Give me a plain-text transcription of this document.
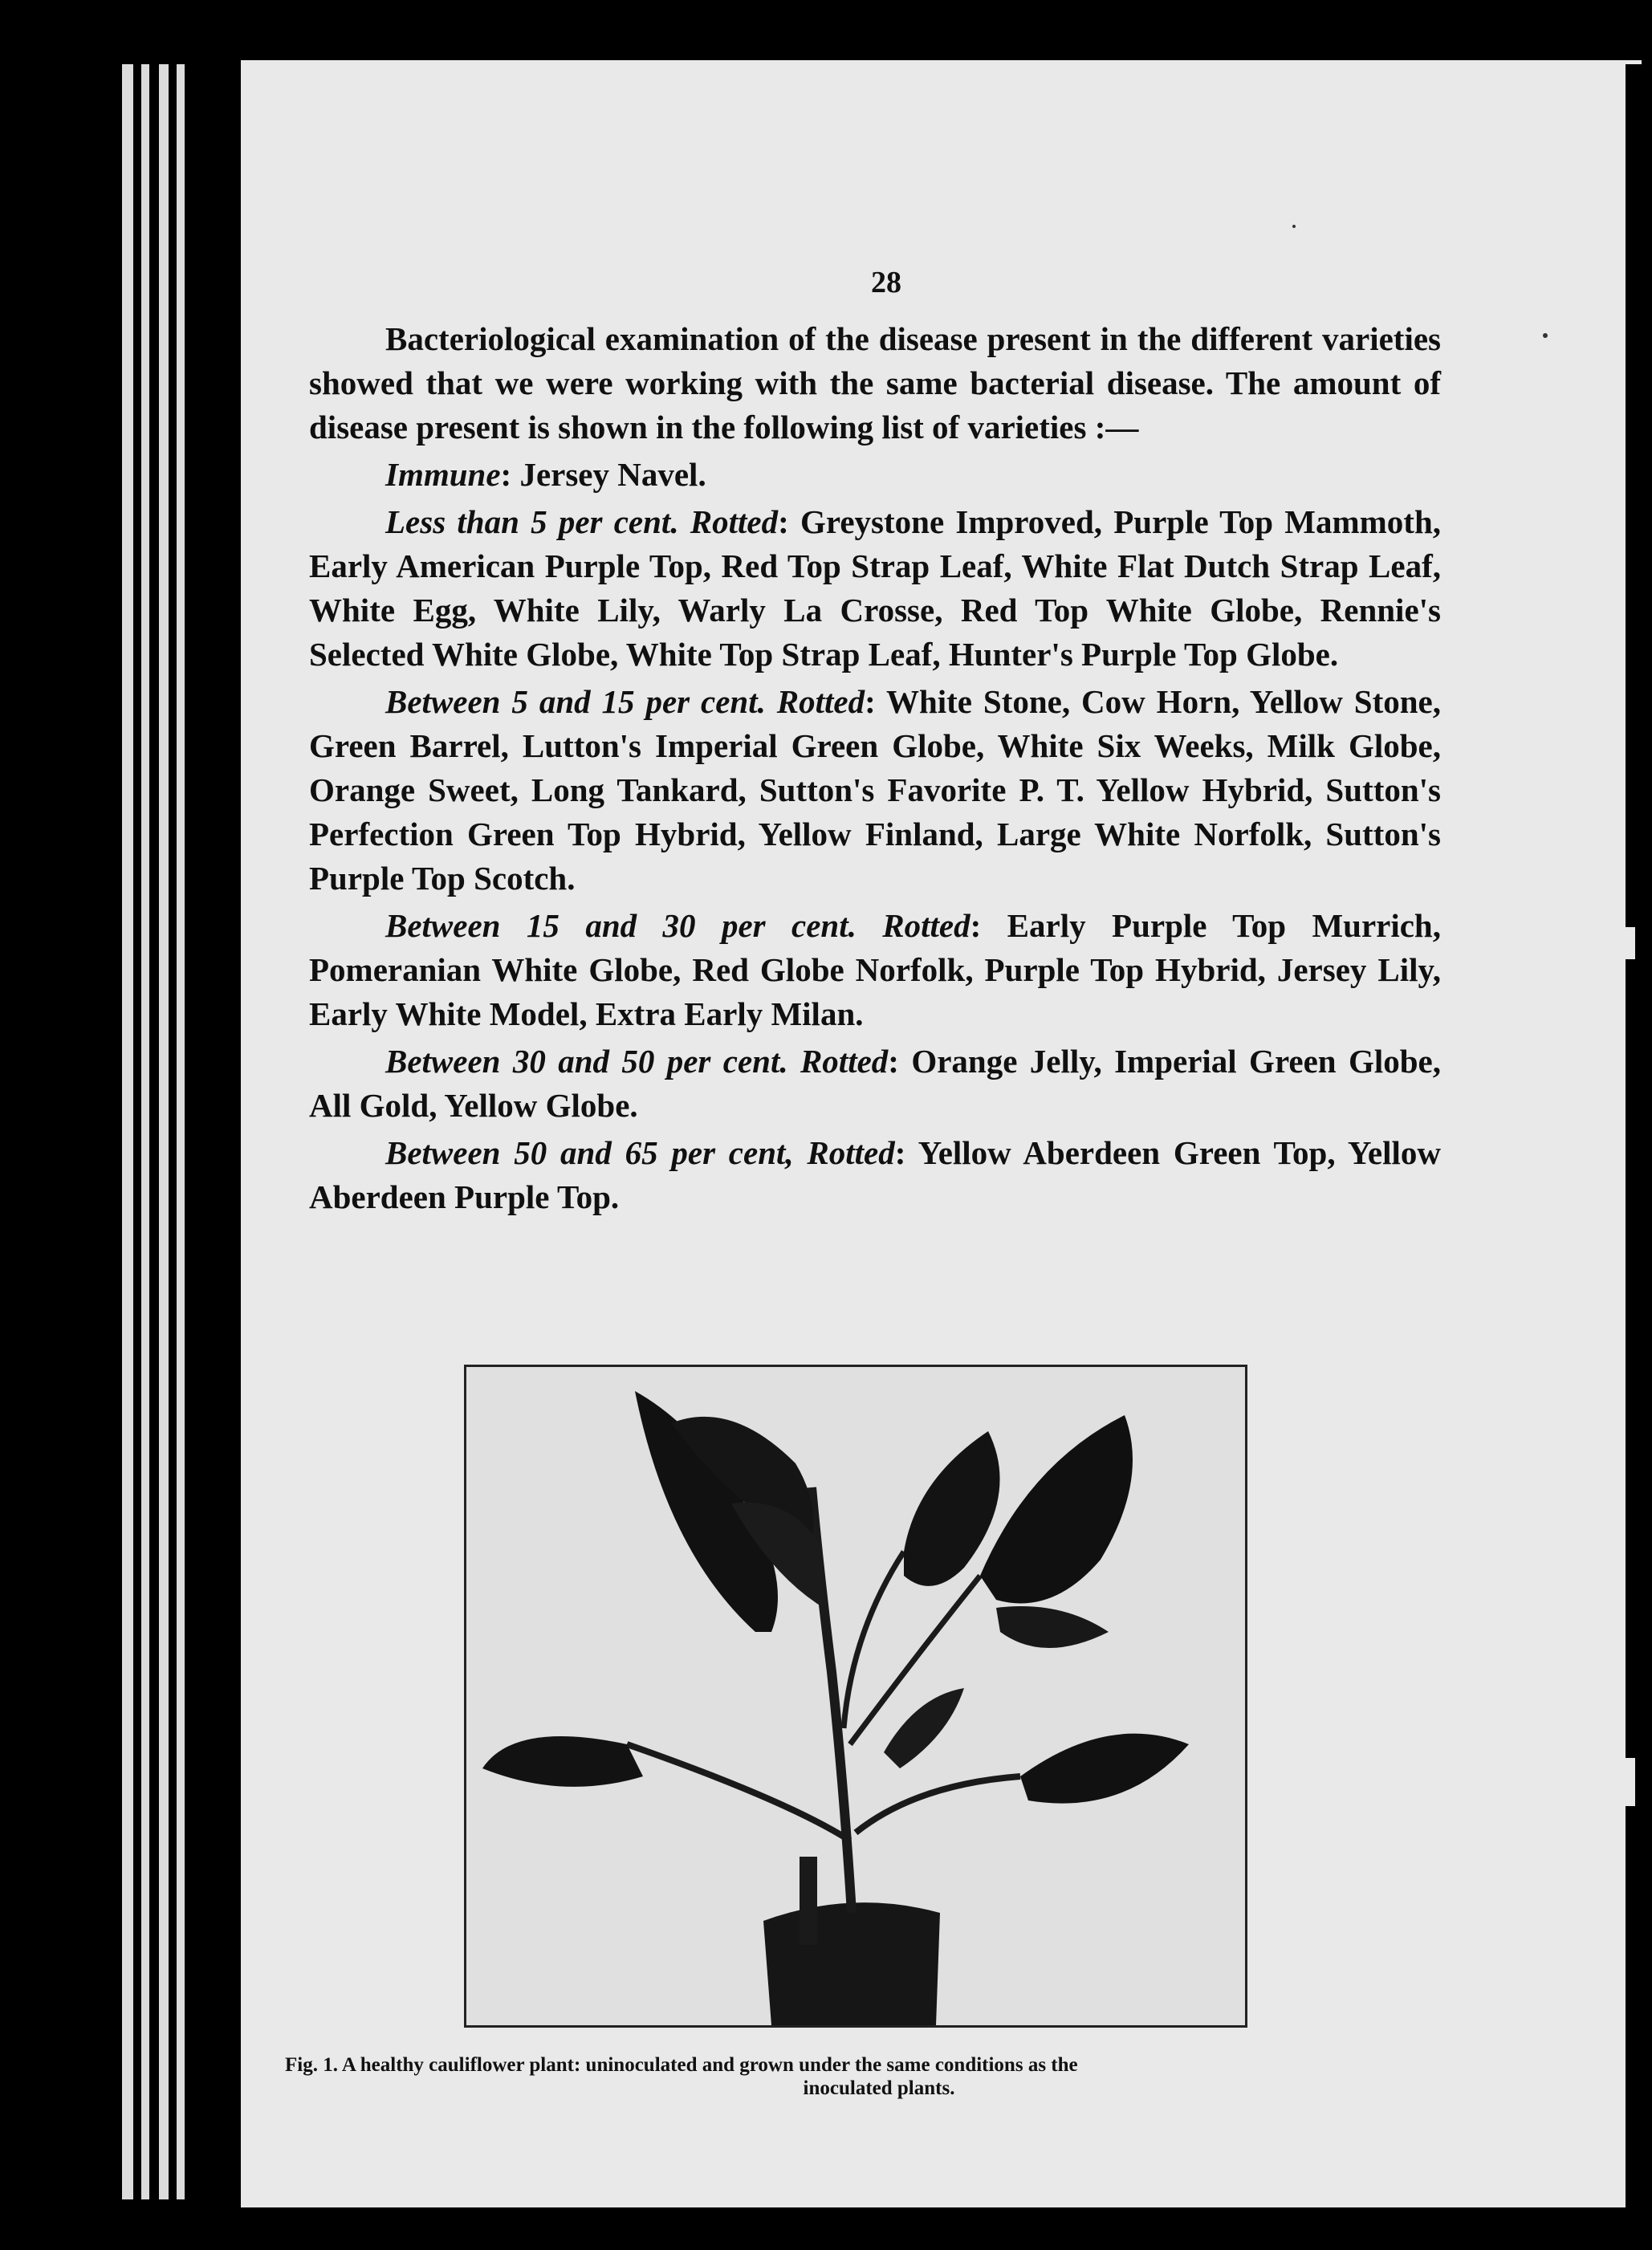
28

Bacteriological examination of the disease present in the different varieties showed that we were working with the same bacterial disease. The amount of disease present is shown in the following list of varieties :—

Immune: Jersey Navel.

Less than 5 per cent. Rotted: Greystone Improved, Purple Top Mammoth, Early American Purple Top, Red Top Strap Leaf, White Flat Dutch Strap Leaf, White Egg, White Lily, Warly La Crosse, Red Top White Globe, Rennie's Selected White Globe, White Top Strap Leaf, Hunter's Purple Top Globe.

Between 5 and 15 per cent. Rotted: White Stone, Cow Horn, Yellow Stone, Green Barrel, Lutton's Imperial Green Globe, White Six Weeks, Milk Globe, Orange Sweet, Long Tankard, Sutton's Favorite P. T. Yellow Hybrid, Sutton's Perfection Green Top Hybrid, Yellow Finland, Large White Norfolk, Sutton's Purple Top Scotch.

Between 15 and 30 per cent. Rotted: Early Purple Top Murrich, Pomeranian White Globe, Red Globe Norfolk, Purple Top Hybrid, Jersey Lily, Early White Model, Extra Early Milan.

Between 30 and 50 per cent. Rotted: Orange Jelly, Imperial Green Globe, All Gold, Yellow Globe.

Between 50 and 65 per cent, Rotted: Yellow Aberdeen Green Top, Yellow Aberdeen Purple Top.

Fig. 1. A healthy cauliflower plant: uninoculated and grown under the same conditions as the
inoculated plants.
